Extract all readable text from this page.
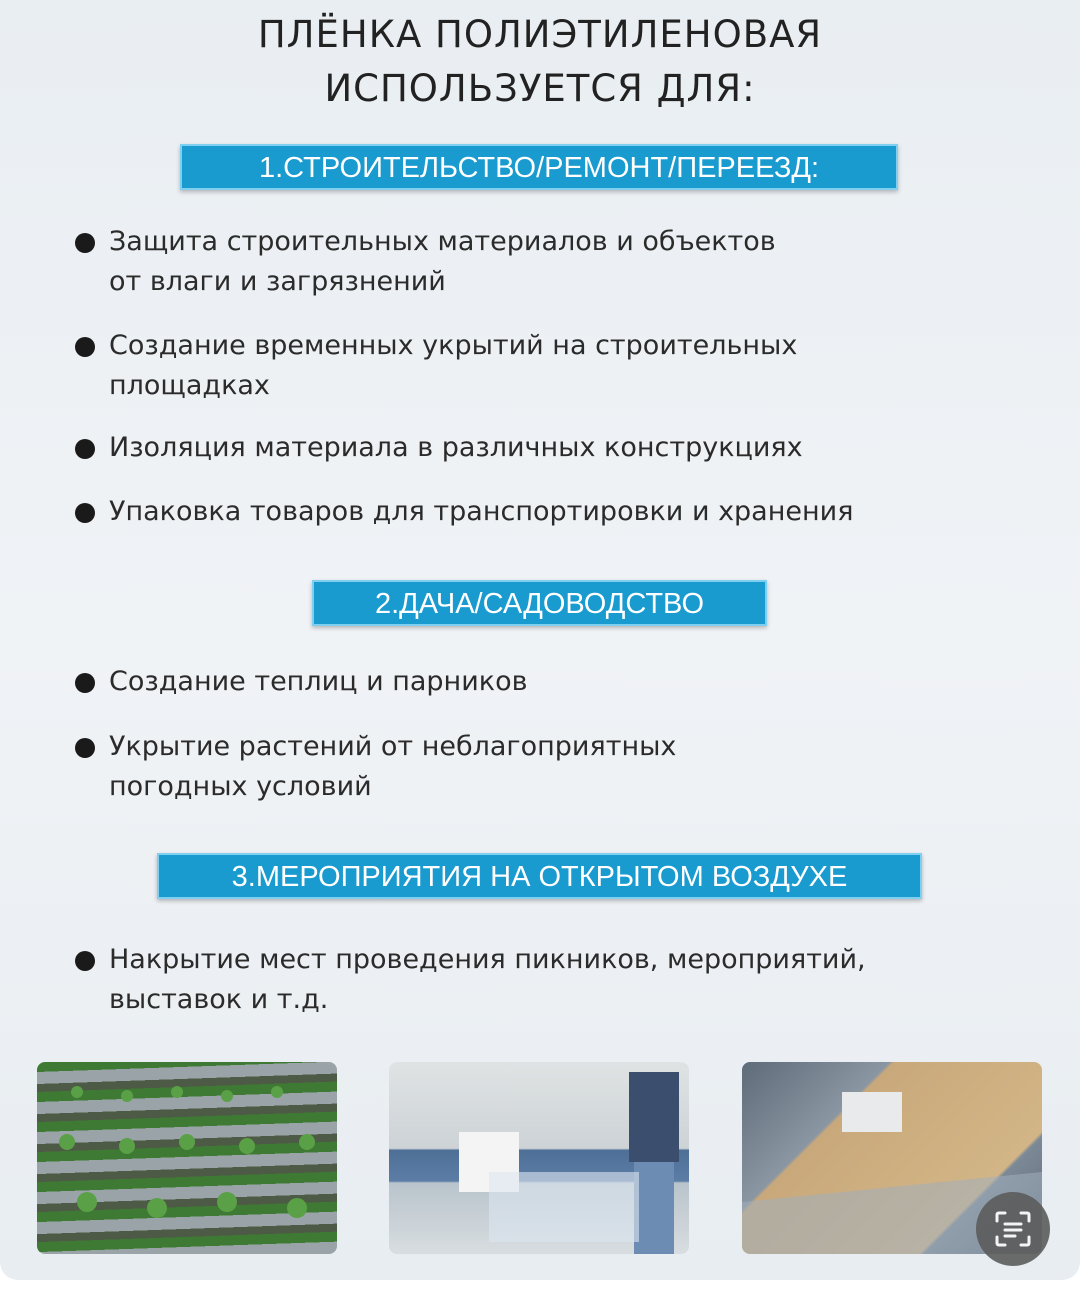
ПЛЁНКА ПОЛИЭТИЛЕНОВАЯ
ИСПОЛЬЗУЕТСЯ ДЛЯ:
1.СТРОИТЕЛЬСТВО/РЕМОНТ/ПЕРЕЕЗД:
Защита строительных материалов и объектов
от влаги и загрязнений
Создание временных укрытий на строительных
площадках
Изоляция материала в различных конструкциях
Упаковка товаров для транспортировки и хранения
2.ДАЧА/САДОВОДСТВО
Создание теплиц и парников
Укрытие растений от неблагоприятных
погодных условий
3.МЕРОПРИЯТИЯ НА ОТКРЫТОМ ВОЗДУХЕ
Накрытие мест проведения пикников, мероприятий,
выставок и т.д.
